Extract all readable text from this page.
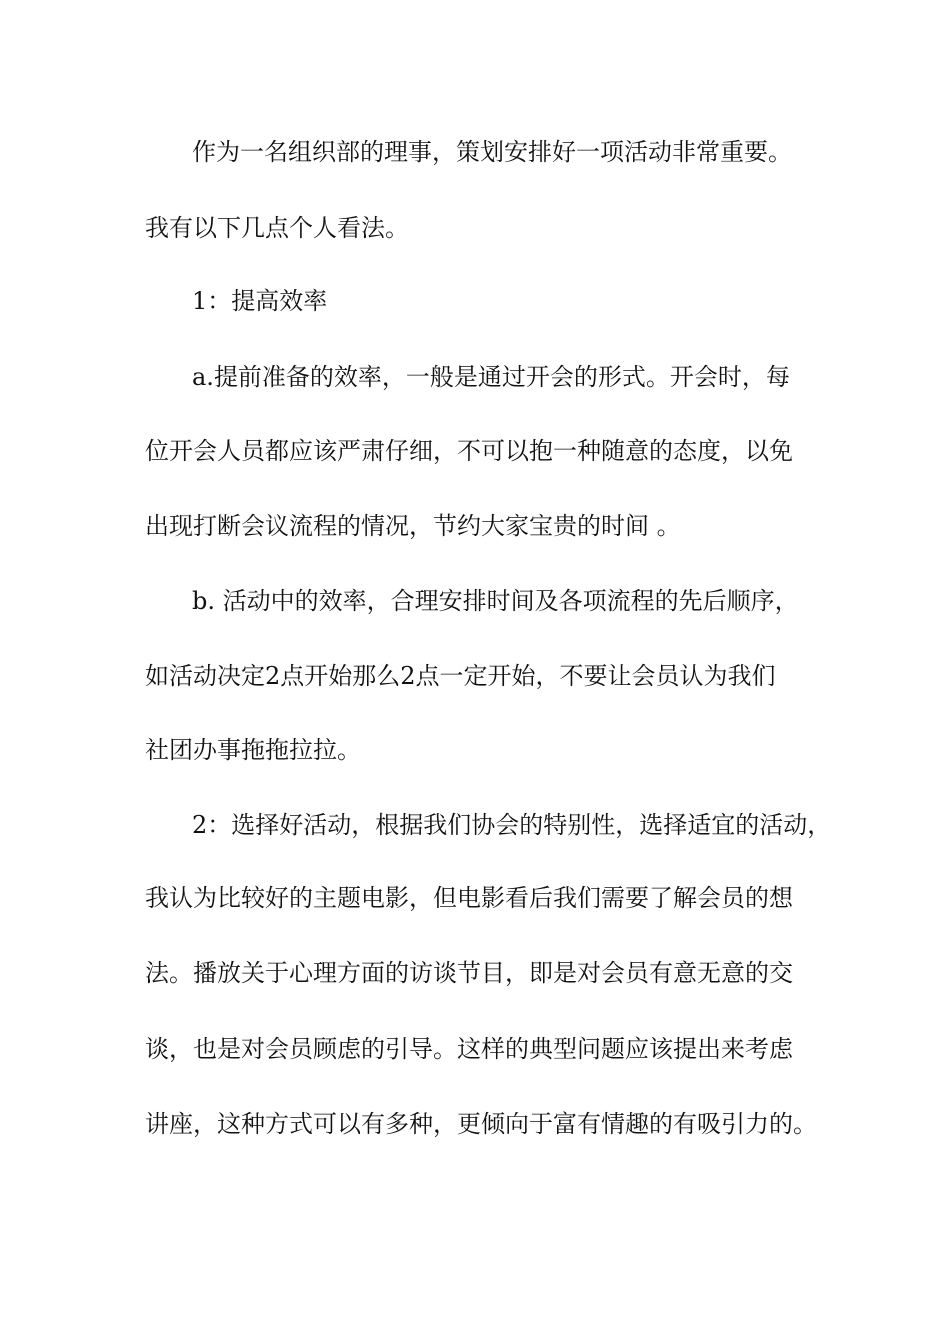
作为一名组织部的理事，策划安排好一项活动非常重要。

我有以下几点个人看法。

1：提高效率

a.提前准备的效率，一般是通过开会的形式。开会时，每

位开会人员都应该严肃仔细，不可以抱一种随意的态度，以免

出现打断会议流程的情况，节约大家宝贵的时间 。

b. 活动中的效率，合理安排时间及各项流程的先后顺序，

如活动决定2点开始那么2点一定开始，不要让会员认为我们

社团办事拖拖拉拉。

2：选择好活动，根据我们协会的特别性，选择适宜的活动，

我认为比较好的主题电影，但电影看后我们需要了解会员的想

法。播放关于心理方面的访谈节目，即是对会员有意无意的交

谈，也是对会员顾虑的引导。这样的典型问题应该提出来考虑

讲座，这种方式可以有多种，更倾向于富有情趣的有吸引力的。
